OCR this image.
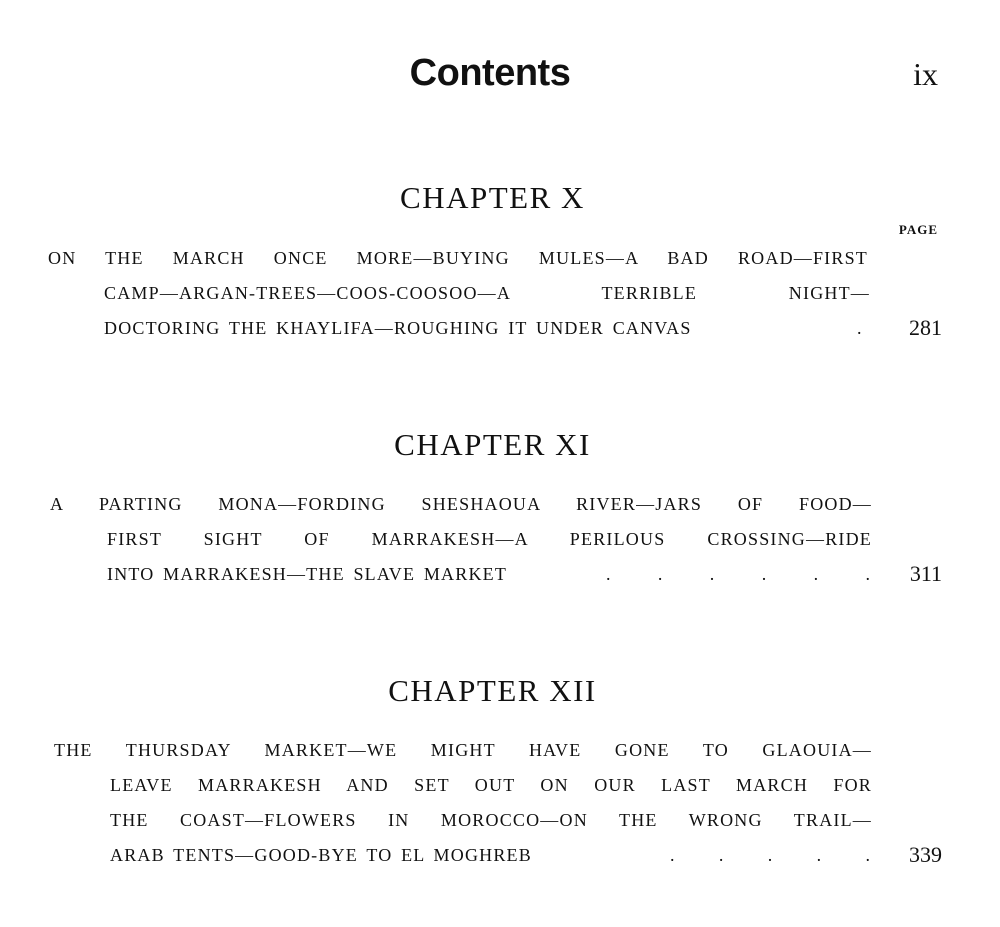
Contents	ix
CHAPTER X
PAGE
ON THE MARCH ONCE MORE—BUYING MULES—A BAD ROAD—FIRST
CAMP—ARGAN-TREES—COOS-COOSOO—A TERRIBLE NIGHT—
DOCTORING THE KHAYLIFA—ROUGHING IT UNDER CANVAS	. 281
CHAPTER XI
A PARTING MONA—FORDING SHESHAOUA RIVER—JARS OF FOOD—
FIRST SIGHT OF MARRAKESH—A PERILOUS CROSSING—RIDE
INTO MARRAKESH—THE SLAVE MARKET	. . . . . . 311
CHAPTER XII
THE THURSDAY MARKET—WE MIGHT HAVE GONE TO GLAOUIA—
LEAVE MARRAKESH AND SET OUT ON OUR LAST MARCH FOR
THE COAST—FLOWERS IN MOROCCO—ON THE WRONG TRAIL—
ARAB TENTS—GOOD-BYE TO EL MOGHREB	. . . . . 339
